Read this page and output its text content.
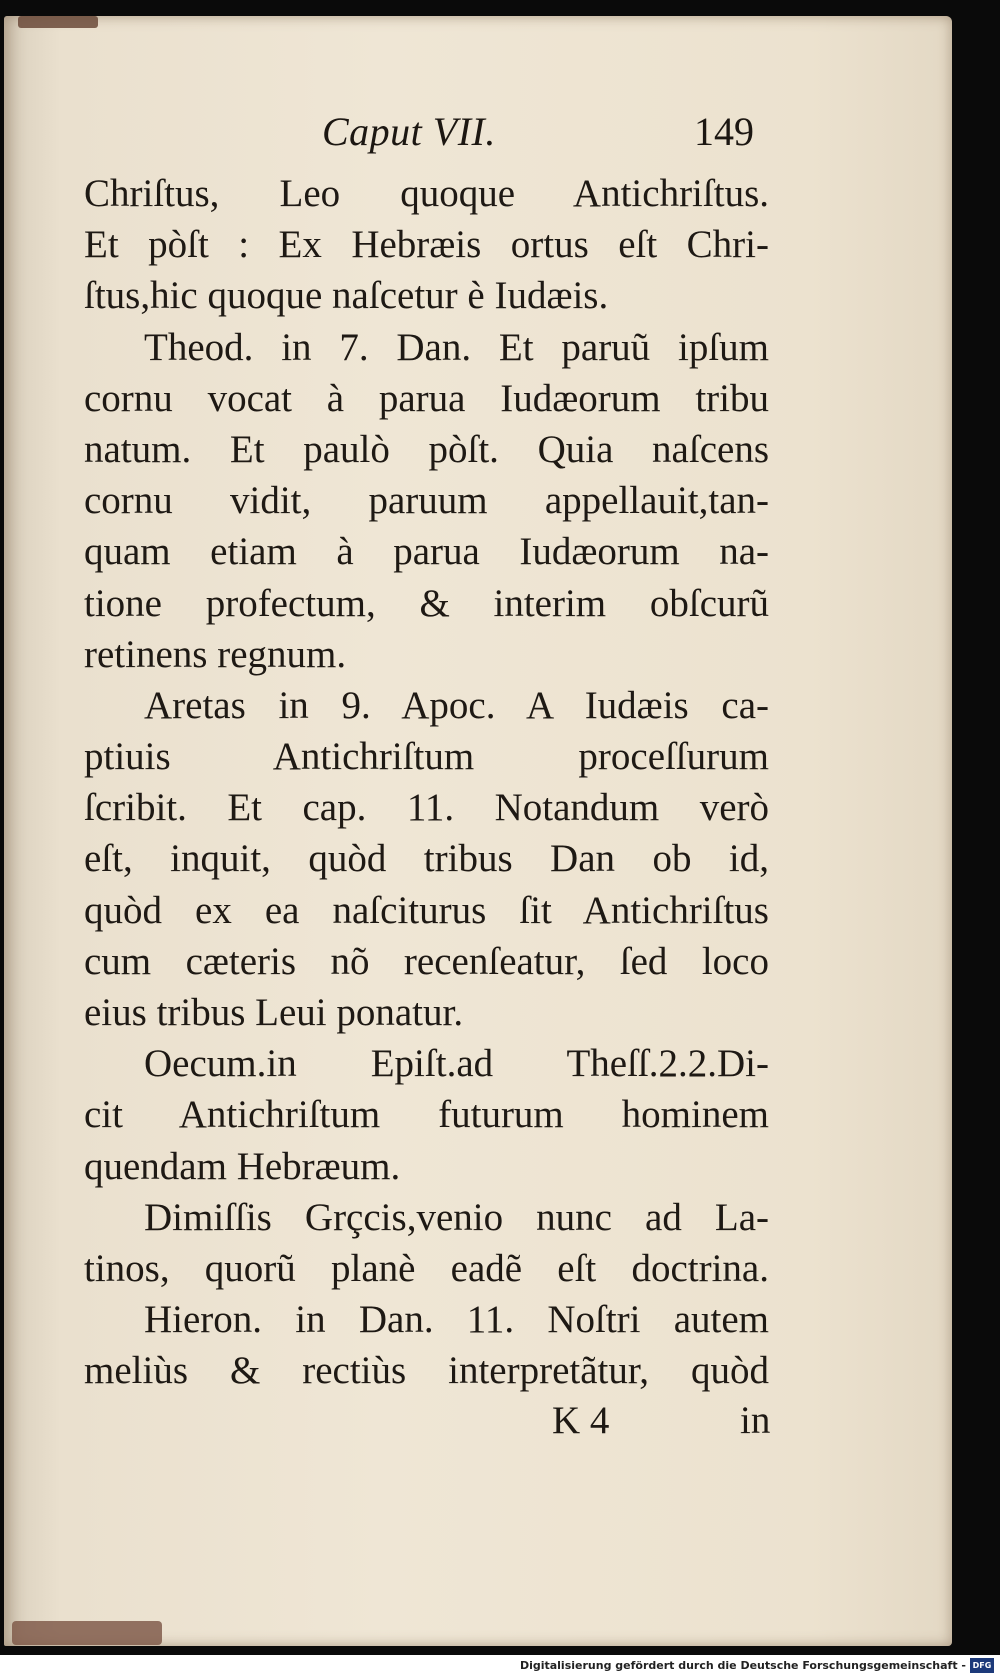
Caput VII.	149
Chriſtus, Leo quoque Antichriſtus.
Et pòſt : Ex Hebræis ortus eſt Chri-
ſtus,hic quoque naſcetur è Iudæis.
Theod. in 7. Dan. Et paruũ ipſum
cornu vocat à parua Iudæorum tribu
natum. Et paulò pòſt. Quia naſcens
cornu vidit, paruum appellauit,tan-
quam etiam à parua Iudæorum na-
tione profectum, & interim obſcurũ
retinens regnum.
Aretas in 9. Apoc. A Iudæis ca-
ptiuis Antichriſtum proceſſurum
ſcribit. Et cap. 11. Notandum verò
eſt, inquit, quòd tribus Dan ob id,
quòd ex ea naſciturus ſit Antichriſtus
cum cæteris nõ recenſeatur, ſed loco
eius tribus Leui ponatur.
Oecum.in Epiſt.ad Theſſ.2.2.Di-
cit Antichriſtum futurum hominem
quendam Hebræum.
Dimiſſis Grçcis,venio nunc ad La-
tinos, quorũ planè eadẽ eſt doctrina.
Hieron. in Dan. 11. Noſtri autem
meliùs & rectiùs interpretãtur, quòd
K 4	in
Digitalisierung gefördert durch die Deutsche Forschungsgemeinschaft - DFG
